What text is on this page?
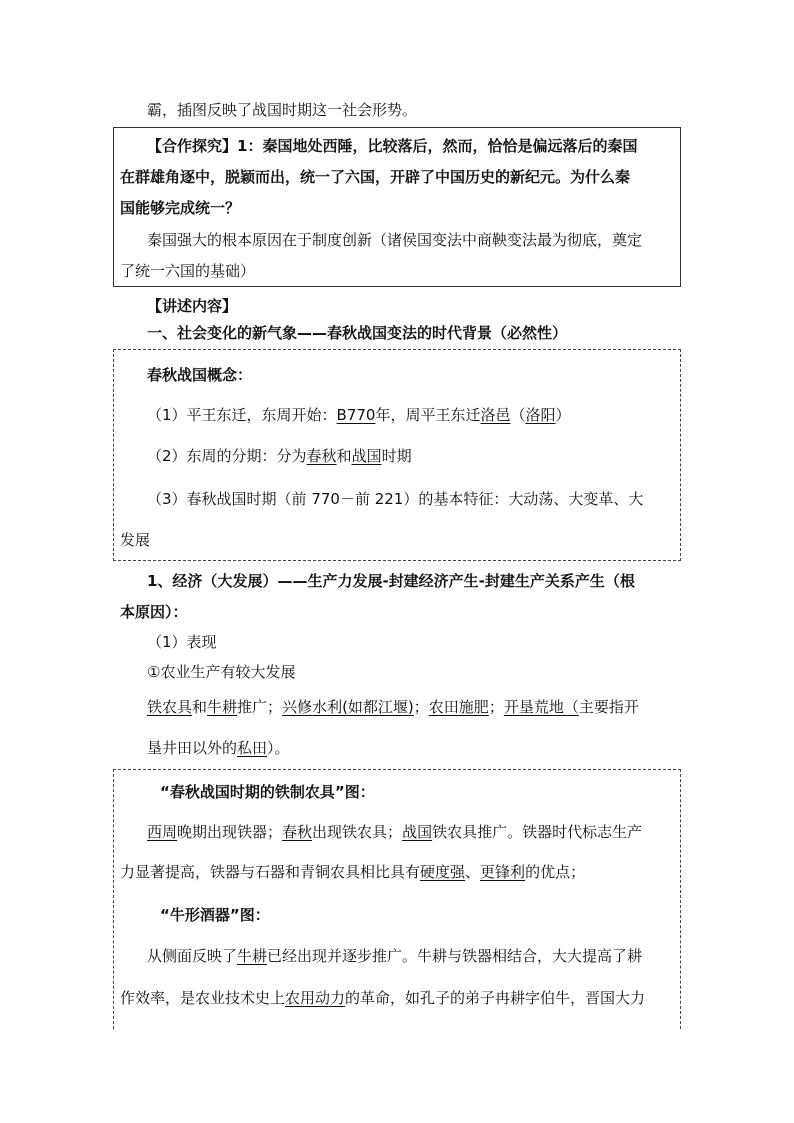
霸，插图反映了战国时期这一社会形势。
【合作探究】1：秦国地处西陲，比较落后，然而，恰恰是偏远落后的秦国
在群雄角逐中，脱颖而出，统一了六国，开辟了中国历史的新纪元。为什么秦
国能够完成统一？
秦国强大的根本原因在于制度创新（诸侯国变法中商鞅变法最为彻底，奠定
了统一六国的基础）
【讲述内容】
一、社会变化的新气象——春秋战国变法的时代背景（必然性）
春秋战国概念：
（1）平王东迁，东周开始：В770年，周平王东迁洛邑（洛阳）
（2）东周的分期：分为春秋和战国时期
（3）春秋战国时期（前 770－前 221）的基本特征：大动荡、大变革、大
发展
1、经济（大发展）——生产力发展-封建经济产生-封建生产关系产生（根
本原因）：
（1）表现
①农业生产有较大发展
铁农具和牛耕推广；兴修水利(如都江堰)；农田施肥；开垦荒地（主要指开
垦井田以外的私田）。
“春秋战国时期的铁制农具”图：
西周晚期出现铁器；春秋出现铁农具；战国铁农具推广。铁器时代标志生产
力显著提高，铁器与石器和青铜农具相比具有硬度强、更锋利的优点；
“牛形酒器”图：
从侧面反映了牛耕已经出现并逐步推广。牛耕与铁器相结合，大大提高了耕
作效率，是农业技术史上农用动力的革命，如孔子的弟子冉耕字伯牛，晋国大力
